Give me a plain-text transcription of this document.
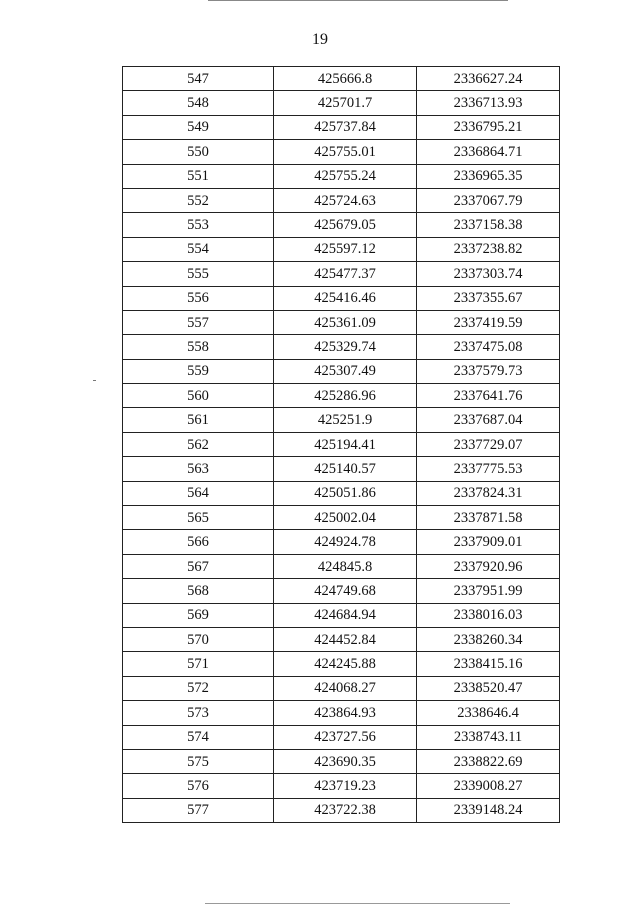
19
547	425666.8	2336627.24
548	425701.7	2336713.93
549	425737.84	2336795.21
550	425755.01	2336864.71
551	425755.24	2336965.35
552	425724.63	2337067.79
553	425679.05	2337158.38
554	425597.12	2337238.82
555	425477.37	2337303.74
556	425416.46	2337355.67
557	425361.09	2337419.59
558	425329.74	2337475.08
559	425307.49	2337579.73
560	425286.96	2337641.76
561	425251.9	2337687.04
562	425194.41	2337729.07
563	425140.57	2337775.53
564	425051.86	2337824.31
565	425002.04	2337871.58
566	424924.78	2337909.01
567	424845.8	2337920.96
568	424749.68	2337951.99
569	424684.94	2338016.03
570	424452.84	2338260.34
571	424245.88	2338415.16
572	424068.27	2338520.47
573	423864.93	2338646.4
574	423727.56	2338743.11
575	423690.35	2338822.69
576	423719.23	2339008.27
577	423722.38	2339148.24
